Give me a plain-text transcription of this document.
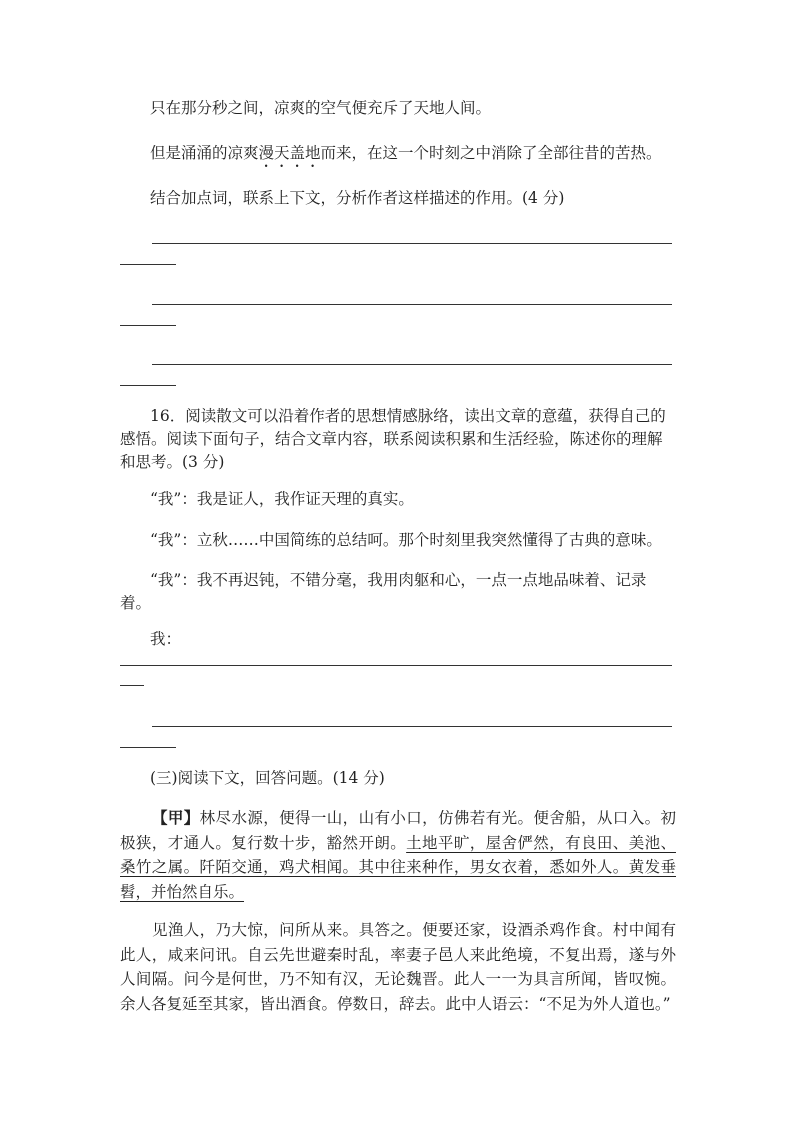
只在那分秒之间，凉爽的空气便充斥了天地人间。
但是涌涌的凉爽漫天盖地而来，在这一个时刻之中消除了全部往昔的苦热。
结合加点词，联系上下文，分析作者这样描述的作用。(4 分)
16．阅读散文可以沿着作者的思想情感脉络，读出文章的意蕴，获得自己的
感悟。阅读下面句子，结合文章内容，联系阅读积累和生活经验，陈述你的理解
和思考。(3 分)
“我”：我是证人，我作证天理的真实。
“我”：立秋……中国简练的总结呵。那个时刻里我突然懂得了古典的意味。
“我”：我不再迟钝，不错分毫，我用肉躯和心，一点一点地品味着、记录
着。
我：
(三)阅读下文，回答问题。(14 分)

【甲】林尽水源，便得一山，山有小口，仿佛若有光。便舍船，从口入。初极狭，才通人。复行数十步，豁然开朗。土地平旷，屋舍俨然，有良田、美池、桑竹之属。阡陌交通，鸡犬相闻。其中往来种作，男女衣着，悉如外人。黄发垂髫，并怡然自乐。

见渔人，乃大惊，问所从来。具答之。便要还家，设酒杀鸡作食。村中闻有此人，咸来问讯。自云先世避秦时乱，率妻子邑人来此绝境，不复出焉，遂与外人间隔。问今是何世，乃不知有汉，无论魏晋。此人一一为具言所闻，皆叹惋。余人各复延至其家，皆出酒食。停数日，辞去。此中人语云：“不足为外人道也。”
